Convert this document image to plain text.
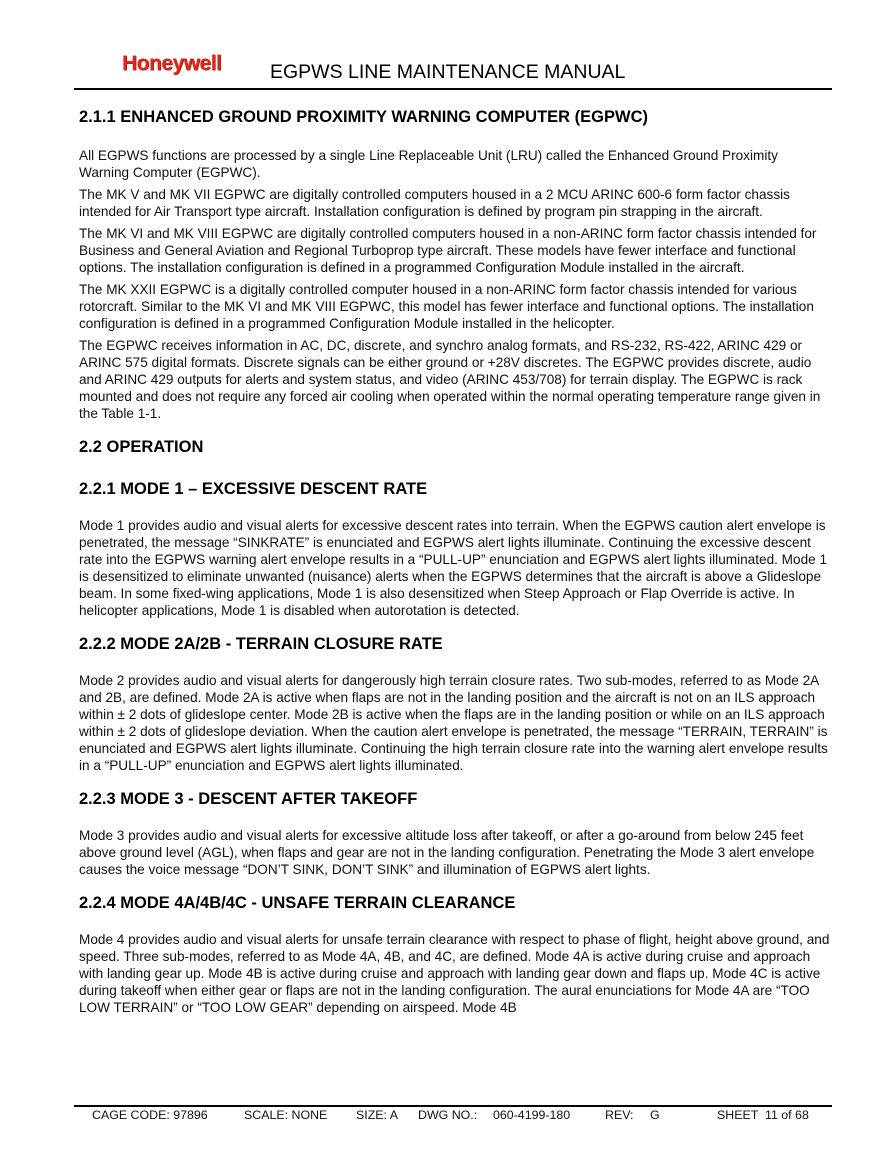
Honeywell EGPWS LINE MAINTENANCE MANUAL
2.1.1 ENHANCED GROUND PROXIMITY WARNING COMPUTER (EGPWC)

All EGPWS functions are processed by a single Line Replaceable Unit (LRU) called the Enhanced Ground Proximity Warning Computer (EGPWC).

The MK V and MK VII EGPWC are digitally controlled computers housed in a 2 MCU ARINC 600-6 form factor chassis intended for Air Transport type aircraft. Installation configuration is defined by program pin strapping in the aircraft.

The MK VI and MK VIII EGPWC are digitally controlled computers housed in a non-ARINC form factor chassis intended for Business and General Aviation and Regional Turboprop type aircraft. These models have fewer interface and functional options. The installation configuration is defined in a programmed Configuration Module installed in the aircraft.

The MK XXII EGPWC is a digitally controlled computer housed in a non-ARINC form factor chassis intended for various rotorcraft. Similar to the MK VI and MK VIII EGPWC, this model has fewer interface and functional options. The installation configuration is defined in a programmed Configuration Module installed in the helicopter.

The EGPWC receives information in AC, DC, discrete, and synchro analog formats, and RS-232, RS-422, ARINC 429 or ARINC 575 digital formats. Discrete signals can be either ground or +28V discretes. The EGPWC provides discrete, audio and ARINC 429 outputs for alerts and system status, and video (ARINC 453/708) for terrain display. The EGPWC is rack mounted and does not require any forced air cooling when operated within the normal operating temperature range given in the Table 1-1.

2.2 OPERATION
2.2.1 MODE 1 – EXCESSIVE DESCENT RATE

Mode 1 provides audio and visual alerts for excessive descent rates into terrain. When the EGPWS caution alert envelope is penetrated, the message “SINKRATE” is enunciated and EGPWS alert lights illuminate. Continuing the excessive descent rate into the EGPWS warning alert envelope results in a “PULL-UP” enunciation and EGPWS alert lights illuminated. Mode 1 is desensitized to eliminate unwanted (nuisance) alerts when the EGPWS determines that the aircraft is above a Glideslope beam. In some fixed-wing applications, Mode 1 is also desensitized when Steep Approach or Flap Override is active. In helicopter applications, Mode 1 is disabled when autorotation is detected.

2.2.2 MODE 2A/2B - TERRAIN CLOSURE RATE

Mode 2 provides audio and visual alerts for dangerously high terrain closure rates. Two sub-modes, referred to as Mode 2A and 2B, are defined. Mode 2A is active when flaps are not in the landing position and the aircraft is not on an ILS approach within ± 2 dots of glideslope center. Mode 2B is active when the flaps are in the landing position or while on an ILS approach within ± 2 dots of glideslope deviation. When the caution alert envelope is penetrated, the message “TERRAIN, TERRAIN” is enunciated and EGPWS alert lights illuminate. Continuing the high terrain closure rate into the warning alert envelope results in a “PULL-UP” enunciation and EGPWS alert lights illuminated.

2.2.3 MODE 3 - DESCENT AFTER TAKEOFF

Mode 3 provides audio and visual alerts for excessive altitude loss after takeoff, or after a go-around from below 245 feet above ground level (AGL), when flaps and gear are not in the landing configuration. Penetrating the Mode 3 alert envelope causes the voice message “DON’T SINK, DON’T SINK” and illumination of EGPWS alert lights.

2.2.4 MODE 4A/4B/4C - UNSAFE TERRAIN CLEARANCE

Mode 4 provides audio and visual alerts for unsafe terrain clearance with respect to phase of flight, height above ground, and speed. Three sub-modes, referred to as Mode 4A, 4B, and 4C, are defined. Mode 4A is active during cruise and approach with landing gear up. Mode 4B is active during cruise and approach with landing gear down and flaps up. Mode 4C is active during takeoff when either gear or flaps are not in the landing configuration. The aural enunciations for Mode 4A are “TOO LOW TERRAIN” or “TOO LOW GEAR” depending on airspeed. Mode 4B

CAGE CODE: 97896	SCALE: NONE SIZE: A DWG NO.: 060-4199-180	REV: G	SHEET  11 of 68
